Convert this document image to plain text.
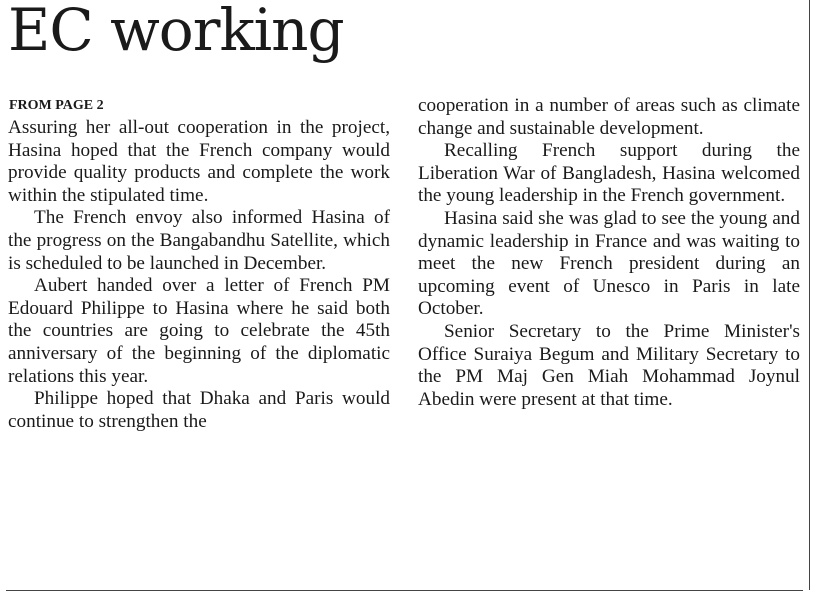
EC working
FROM PAGE 2

Assuring her all-out cooperation in the project, Hasina hoped that the French company would provide quality products and complete the work within the stipulated time.

The French envoy also informed Hasina of the progress on the Bangabandhu Satellite, which is scheduled to be launched in December.

Aubert handed over a letter of French PM Edouard Philippe to Hasina where he said both the countries are going to celebrate the 45th anniversary of the beginning of the diplomatic relations this year.

Philippe hoped that Dhaka and Paris would continue to strengthen the

cooperation in a number of areas such as climate change and sustainable development.

Recalling French support during the Liberation War of Bangladesh, Hasina welcomed the young leadership in the French government.

Hasina said she was glad to see the young and dynamic leadership in France and was waiting to meet the new French president during an upcoming event of Unesco in Paris in late October.

Senior Secretary to the Prime Minister's Office Suraiya Begum and Military Secretary to the PM Maj Gen Miah Mohammad Joynul Abedin were present at that time.
